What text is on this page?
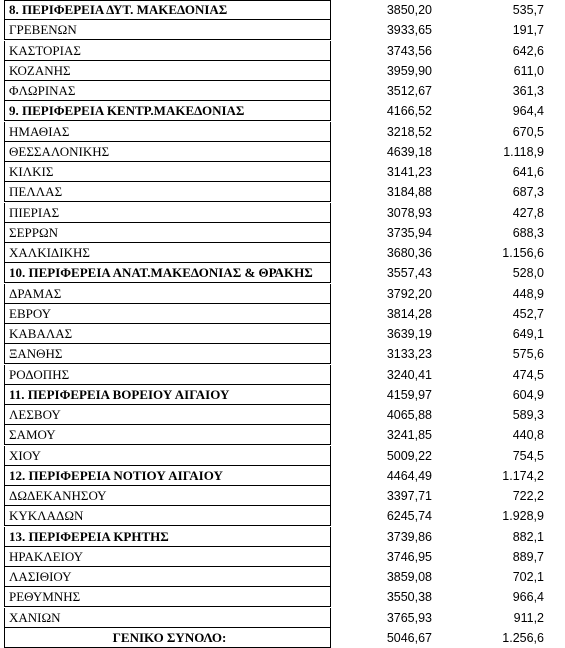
8. ΠΕΡΙΦΕΡΕΙΑ ΔΥΤ. ΜΑΚΕΔΟΝΙΑΣ	3850,20	535,7
ΓΡΕΒΕΝΩΝ	3933,65	191,7
ΚΑΣΤΟΡΙΑΣ	3743,56	642,6
ΚΟΖΑΝΗΣ	3959,90	611,0
ΦΛΩΡΙΝΑΣ	3512,67	361,3
9. ΠΕΡΙΦΕΡΕΙΑ ΚΕΝΤΡ.ΜΑΚΕΔΟΝΙΑΣ	4166,52	964,4
ΗΜΑΘΙΑΣ	3218,52	670,5
ΘΕΣΣΑΛΟΝΙΚΗΣ	4639,18	1.118,9
ΚΙΛΚΙΣ	3141,23	641,6
ΠΕΛΛΑΣ	3184,88	687,3
ΠΙΕΡΙΑΣ	3078,93	427,8
ΣΕΡΡΩΝ	3735,94	688,3
ΧΑΛΚΙΔΙΚΗΣ	3680,36	1.156,6
10. ΠΕΡΙΦΕΡΕΙΑ ΑΝΑΤ.ΜΑΚΕΔΟΝΙΑΣ & ΘΡΑΚΗΣ	3557,43	528,0
ΔΡΑΜΑΣ	3792,20	448,9
ΕΒΡΟΥ	3814,28	452,7
ΚΑΒΑΛΑΣ	3639,19	649,1
ΞΑΝΘΗΣ	3133,23	575,6
ΡΟΔΟΠΗΣ	3240,41	474,5
11. ΠΕΡΙΦΕΡΕΙΑ ΒΟΡΕΙΟΥ ΑΙΓΑΙΟΥ	4159,97	604,9
ΛΕΣΒΟΥ	4065,88	589,3
ΣΑΜΟΥ	3241,85	440,8
ΧΙΟΥ	5009,22	754,5
12. ΠΕΡΙΦΕΡΕΙΑ ΝΟΤΙΟΥ ΑΙΓΑΙΟΥ	4464,49	1.174,2
ΔΩΔΕΚΑΝΗΣΟΥ	3397,71	722,2
ΚΥΚΛΑΔΩΝ	6245,74	1.928,9
13. ΠΕΡΙΦΕΡΕΙΑ ΚΡΗΤΗΣ	3739,86	882,1
ΗΡΑΚΛΕΙΟΥ	3746,95	889,7
ΛΑΣΙΘΙΟΥ	3859,08	702,1
ΡΕΘΥΜΝΗΣ	3550,38	966,4
ΧΑΝΙΩΝ	3765,93	911,2
ΓΕΝΙΚΟ ΣΥΝΟΛΟ:	5046,67	1.256,6
